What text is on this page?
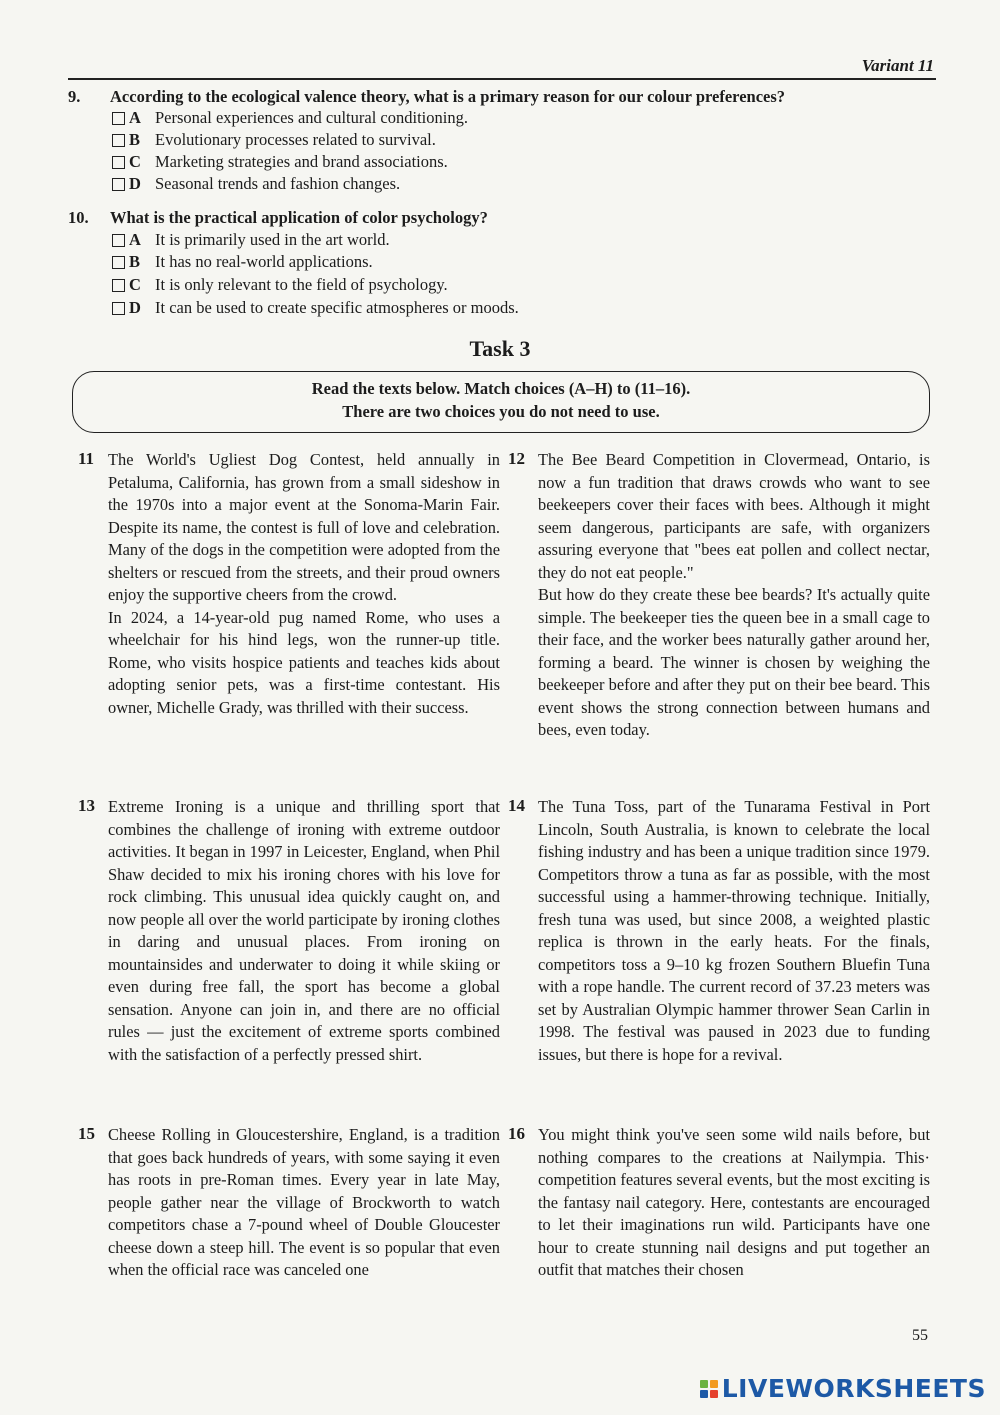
Variant 11
9. According to the ecological valence theory, what is a primary reason for our colour preferences?
A Personal experiences and cultural conditioning.
B Evolutionary processes related to survival.
C Marketing strategies and brand associations.
D Seasonal trends and fashion changes.
10. What is the practical application of color psychology?
A It is primarily used in the art world.
B It has no real-world applications.
C It is only relevant to the field of psychology.
D It can be used to create specific atmospheres or moods.
Task 3
Read the texts below. Match choices (A–H) to (11–16).
There are two choices you do not need to use.
11 The World's Ugliest Dog Contest, held annually in Petaluma, California, has grown from a small sideshow in the 1970s into a major event at the Sonoma-Marin Fair. Despite its name, the contest is full of love and celebration. Many of the dogs in the competition were adopted from the shelters or rescued from the streets, and their proud owners enjoy the supportive cheers from the crowd.

In 2024, a 14-year-old pug named Rome, who uses a wheelchair for his hind legs, won the runner-up title. Rome, who visits hospice patients and teaches kids about adopting senior pets, was a first-time contestant. His owner, Michelle Grady, was thrilled with their success.

12 The Bee Beard Competition in Clovermead, Ontario, is now a fun tradition that draws crowds who want to see beekeepers cover their faces with bees. Although it might seem dangerous, participants are safe, with organizers assuring everyone that "bees eat pollen and collect nectar, they do not eat people."

But how do they create these bee beards? It's actually quite simple. The beekeeper ties the queen bee in a small cage to their face, and the worker bees naturally gather around her, forming a beard. The winner is chosen by weighing the beekeeper before and after they put on their bee beard. This event shows the strong connection between humans and bees, even today.

13 Extreme Ironing is a unique and thrilling sport that combines the challenge of ironing with extreme outdoor activities. It began in 1997 in Leicester, England, when Phil Shaw decided to mix his ironing chores with his love for rock climbing. This unusual idea quickly caught on, and now people all over the world participate by ironing clothes in daring and unusual places. From ironing on mountainsides and underwater to doing it while skiing or even during free fall, the sport has become a global sensation. Anyone can join in, and there are no official rules — just the excitement of extreme sports combined with the satisfaction of a perfectly pressed shirt.

14 The Tuna Toss, part of the Tunarama Festival in Port Lincoln, South Australia, is known to celebrate the local fishing industry and has been a unique tradition since 1979. Competitors throw a tuna as far as possible, with the most successful using a hammer-throwing technique. Initially, fresh tuna was used, but since 2008, a weighted plastic replica is thrown in the early heats. For the finals, competitors toss a 9–10 kg frozen Southern Bluefin Tuna with a rope handle. The current record of 37.23 meters was set by Australian Olympic hammer thrower Sean Carlin in 1998. The festival was paused in 2023 due to funding issues, but there is hope for a revival.

15 Cheese Rolling in Gloucestershire, England, is a tradition that goes back hundreds of years, with some saying it even has roots in pre-Roman times. Every year in late May, people gather near the village of Brockworth to watch competitors chase a 7-pound wheel of Double Gloucester cheese down a steep hill. The event is so popular that even when the official race was canceled one

16 You might think you've seen some wild nails before, but nothing compares to the creations at Nailympia. This· competition features several events, but the most exciting is the fantasy nail category. Here, contestants are encouraged to let their imaginations run wild. Participants have one hour to create stunning nail designs and put together an outfit that matches their chosen

55
LIVEWORKSHEETS
